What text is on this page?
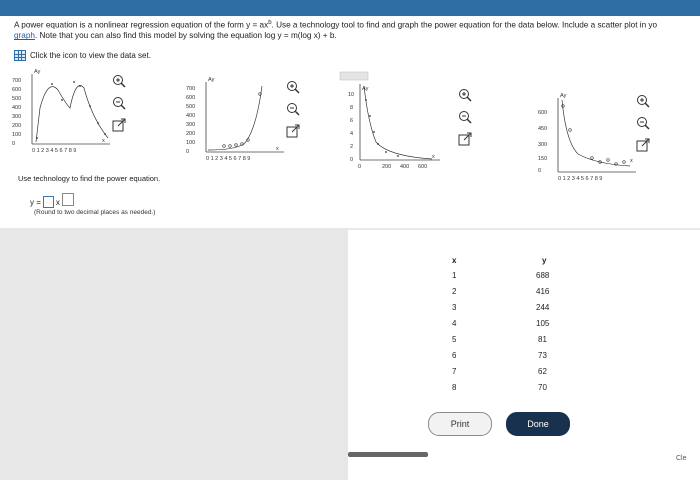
A power equation is a nonlinear regression equation of the form $y = ax^b$. Use a technology tool to find and graph the power equation for the data below. Include a scatter plot in yo
graph. Note that you can also find this model by solving the equation log y = m(log x) + b.
Click the icon to view the data set.
700
600
500
400
300
200
100
0
0 1 2 3 4 5 6 7 8 9
Ay
x
700
600
500
400
300
200
100
0
0 1 2 3 4 5 6 7 8 9
Ay
x
10
8
6
4
2
0
0	200 400 600
Ay
x
600
450
300
150
0
0 1 2 3 4 5 6 7 8 9
Ay
x
Use technology to find the power equation.
y = x
(Round to two decimal places as needed.)
x	y
1	688
2	416
3	244
4	105
5	81
6	73
7	62
8	70
Print	Done
Cle
